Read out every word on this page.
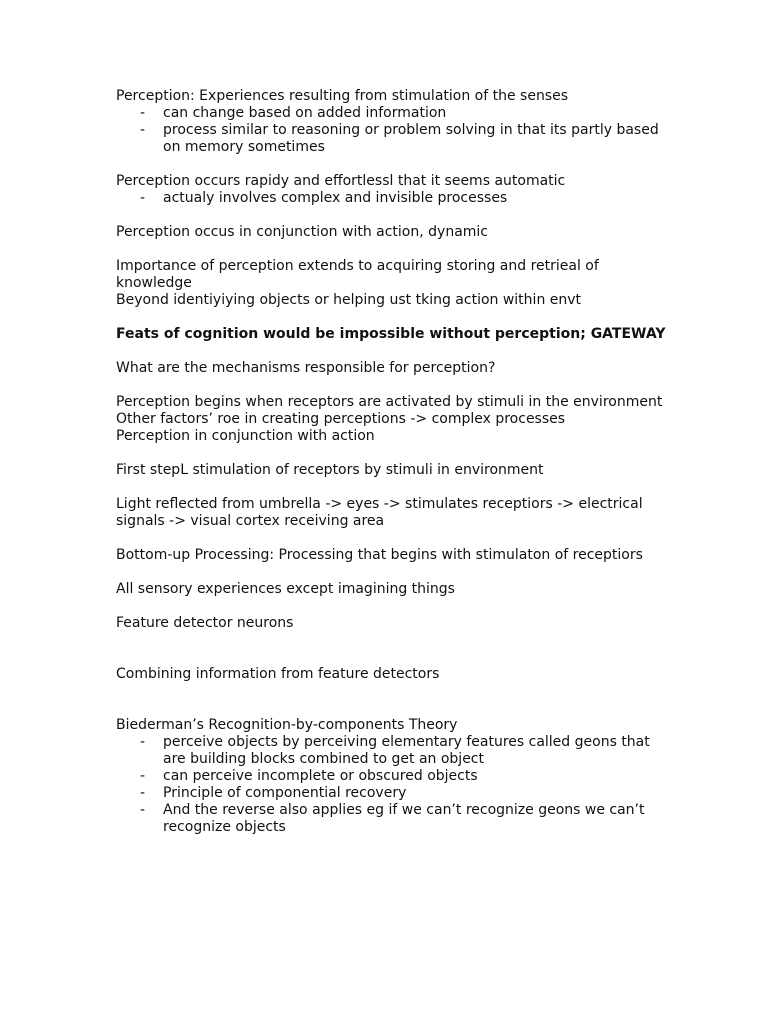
Perception: Experiences resulting from stimulation of the senses

- can change based on added information
- process similar to reasoning or problem solving in that its partly based on memory sometimes

Perception occurs rapidy and effortlessl that it seems automatic

- actualy involves complex and invisible processes

Perception occus in conjunction with action, dynamic

Importance of perception extends to acquiring storing and retrieal of knowledge

Beyond identiyiying objects or helping ust tking action within envt

Feats of cognition would be impossible without perception; GATEWAY

What are the mechanisms responsible for perception?

Perception begins when receptors are activated by stimuli in the environment

Other factors’ roe in creating perceptions -> complex processes

Perception in conjunction with action

First stepL stimulation of receptors by stimuli in environment

Light reflected from umbrella -> eyes -> stimulates receptiors -> electrical signals -> visual cortex receiving area

Bottom-up Processing: Processing that begins with stimulaton of receptiors

All sensory experiences except imagining things

Feature detector neurons

Combining information from feature detectors

Biederman’s Recognition-by-components Theory

- perceive objects by perceiving elementary features called geons that are building blocks combined to get an object
- can perceive incomplete or obscured objects
- Principle of componential recovery
- And the reverse also applies eg if we can’t recognize geons we can’t recognize objects
